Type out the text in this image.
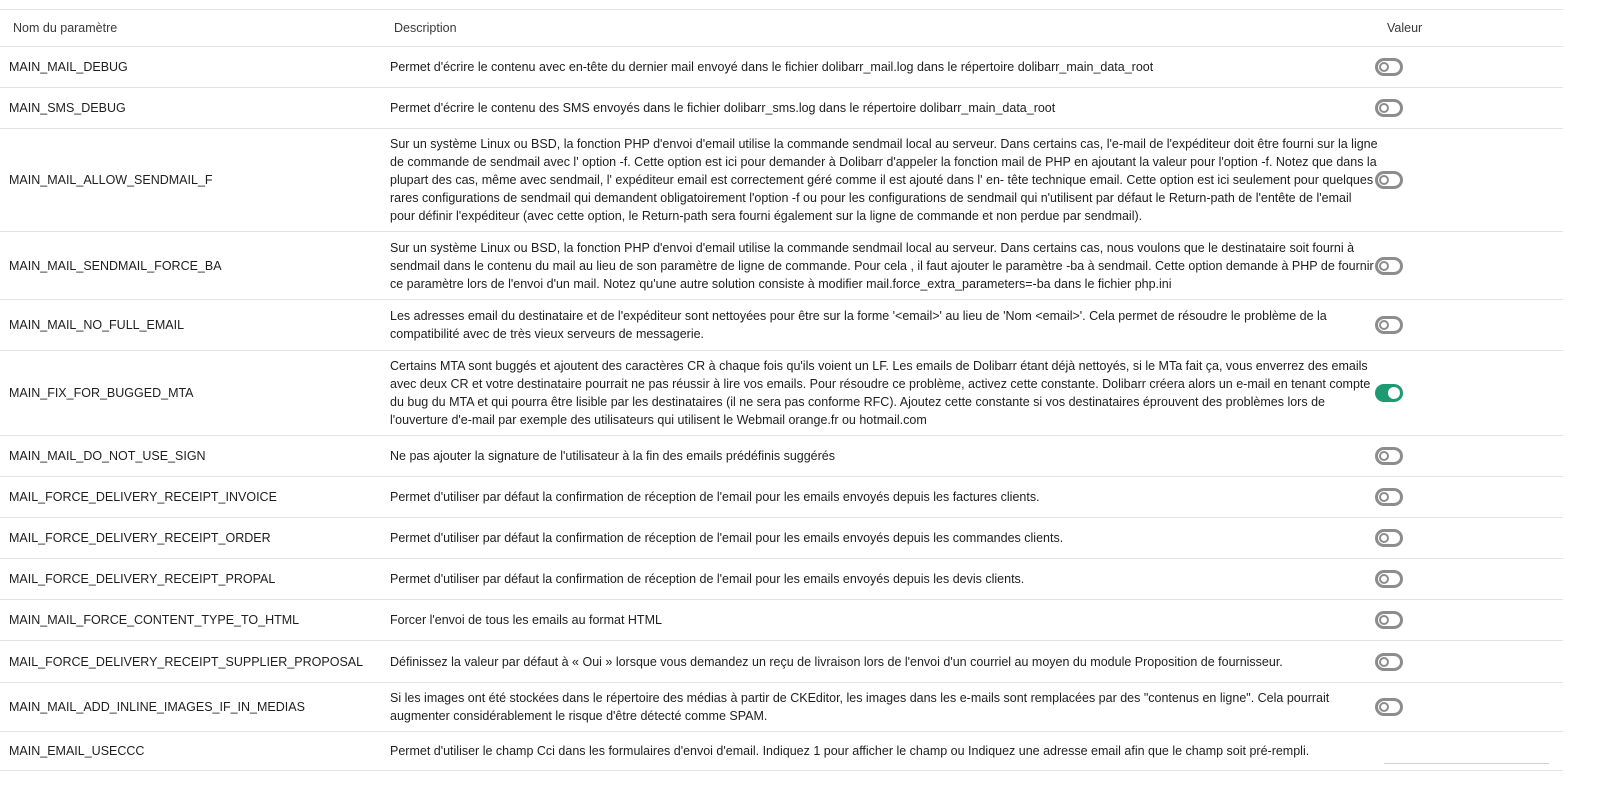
Nom du paramètre	Description	Valeur
MAIN_MAIL_DEBUG	Permet d'écrire le contenu avec en-tête du dernier mail envoyé dans le fichier dolibarr_mail.log dans le répertoire dolibarr_main_data_root	

MAIN_SMS_DEBUG	Permet d'écrire le contenu des SMS envoyés dans le fichier dolibarr_sms.log dans le répertoire dolibarr_main_data_root	

MAIN_MAIL_ALLOW_SENDMAIL_F	Sur un système Linux ou BSD, la fonction PHP d'envoi d'email utilise la commande sendmail local au serveur. Dans certains cas, l'e-mail de l'expéditeur doit être fourni sur la ligne de commande de sendmail avec l' option -f. Cette option est ici pour demander à Dolibarr d'appeler la fonction mail de PHP en ajoutant la valeur pour l'option -f. Notez que dans la plupart des cas, même avec sendmail, l' expéditeur email est correctement géré comme il est ajouté dans l' en- tête technique email. Cette option est ici seulement pour quelques rares configurations de sendmail qui demandent obligatoirement l'option -f ou pour les configurations de sendmail qui n'utilisent par défaut le Return-path de l'entête de l'email pour définir l'expéditeur (avec cette option, le Return-path sera fourni également sur la ligne de commande et non perdue par sendmail).	

MAIN_MAIL_SENDMAIL_FORCE_BA	Sur un système Linux ou BSD, la fonction PHP d'envoi d'email utilise la commande sendmail local au serveur. Dans certains cas, nous voulons que le destinataire soit fourni à sendmail dans le contenu du mail au lieu de son paramètre de ligne de commande. Pour cela , il faut ajouter le paramètre -ba à sendmail. Cette option demande à PHP de fournir ce paramètre lors de l'envoi d'un mail. Notez qu'une autre solution consiste à modifier mail.force_extra_parameters=-ba dans le fichier php.ini	

MAIN_MAIL_NO_FULL_EMAIL	Les adresses email du destinataire et de l'expéditeur sont nettoyées pour être sur la forme '<email>' au lieu de 'Nom <email>'. Cela permet de résoudre le problème de la compatibilité avec de très vieux serveurs de messagerie.	

MAIN_FIX_FOR_BUGGED_MTA	Certains MTA sont buggés et ajoutent des caractères CR à chaque fois qu'ils voient un LF. Les emails de Dolibarr étant déjà nettoyés, si le MTa fait ça, vous enverrez des emails avec deux CR et votre destinataire pourrait ne pas réussir à lire vos emails. Pour résoudre ce problème, activez cette constante. Dolibarr créera alors un e-mail en tenant compte du bug du MTA et qui pourra être lisible par les destinataires (il ne sera pas conforme RFC). Ajoutez cette constante si vos destinataires éprouvent des problèmes lors de l'ouverture d'e-mail par exemple des utilisateurs qui utilisent le Webmail orange.fr ou hotmail.com	

MAIN_MAIL_DO_NOT_USE_SIGN	Ne pas ajouter la signature de l'utilisateur à la fin des emails prédéfinis suggérés	

MAIL_FORCE_DELIVERY_RECEIPT_INVOICE	Permet d'utiliser par défaut la confirmation de réception de l'email pour les emails envoyés depuis les factures clients.	

MAIL_FORCE_DELIVERY_RECEIPT_ORDER	Permet d'utiliser par défaut la confirmation de réception de l'email pour les emails envoyés depuis les commandes clients.	

MAIL_FORCE_DELIVERY_RECEIPT_PROPAL	Permet d'utiliser par défaut la confirmation de réception de l'email pour les emails envoyés depuis les devis clients.	

MAIN_MAIL_FORCE_CONTENT_TYPE_TO_HTML	Forcer l'envoi de tous les emails au format HTML	

MAIL_FORCE_DELIVERY_RECEIPT_SUPPLIER_PROPOSAL	Définissez la valeur par défaut à « Oui » lorsque vous demandez un reçu de livraison lors de l'envoi d'un courriel au moyen du module Proposition de fournisseur.	

MAIN_MAIL_ADD_INLINE_IMAGES_IF_IN_MEDIAS	Si les images ont été stockées dans le répertoire des médias à partir de CKEditor, les images dans les e-mails sont remplacées par des "contenus en ligne". Cela pourrait augmenter considérablement le risque d'être détecté comme SPAM.	

MAIN_EMAIL_USECCC	Permet d'utiliser le champ Cci dans les formulaires d'envoi d'email. Indiquez 1 pour afficher le champ ou Indiquez une adresse email afin que le champ soit pré-rempli.	
